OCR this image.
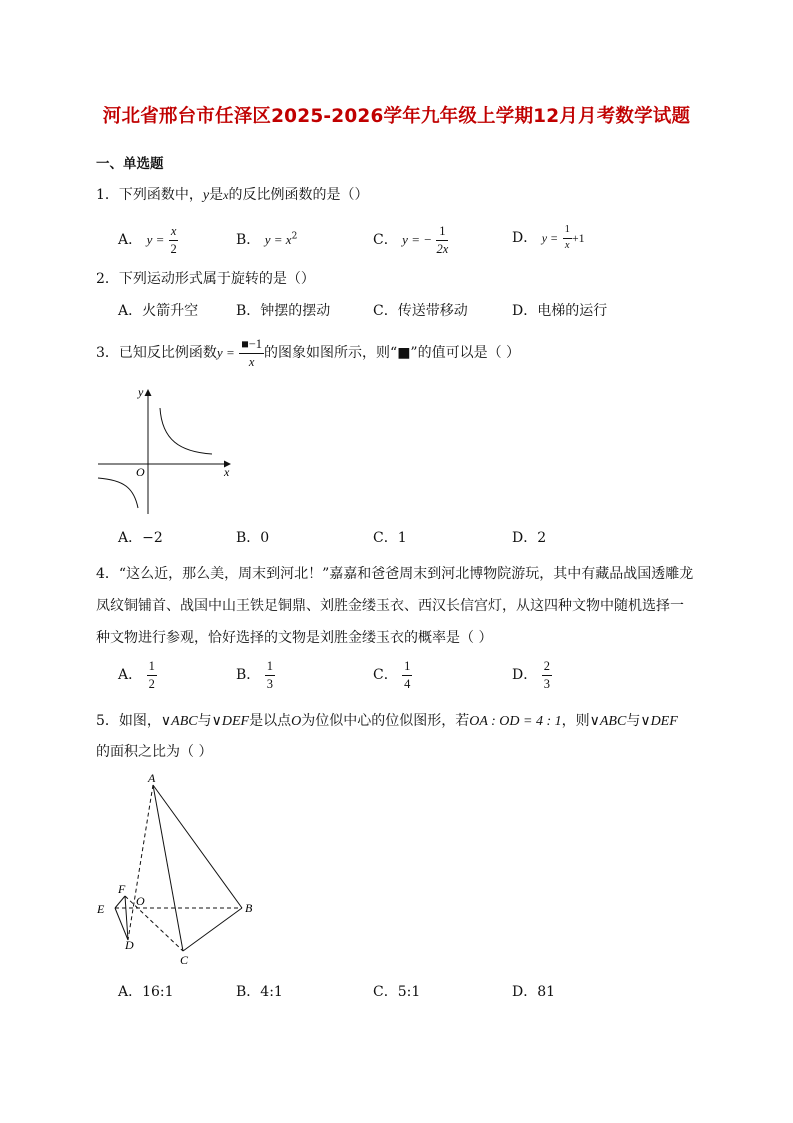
河北省邢台市任泽区2025-2026学年九年级上学期12月月考数学试题
一、单选题
1．下列函数中，y是x的反比例函数的是（）
A． $y = \frac{x}{2}$	B． $y = x^2$	C． y = − $\frac{1}{2x}$	D． $y = \frac{1}{x} +1$
2．下列运动形式属于旋转的是（）
A．火箭升空	B．钟摆的摆动	C．传送带移动	D．电梯的运行
3．已知反比例函数$y = \frac{■-1}{x}$ 的图象如图所示，则“■”的值可以是（ ）
y
x
O
A．−2	B．0	C．1	D．2
4．“这么近，那么美，周末到河北！”嘉嘉和爸爸周末到河北博物院游玩，其中有藏品战国透雕龙
凤纹铜铺首、战国中山王铁足铜鼎、刘胜金缕玉衣、西汉长信宫灯，从这四种文物中随机选择一
种文物进行参观，恰好选择的文物是刘胜金缕玉衣的概率是（ ）
A． $\frac{1}{2}$	B． $\frac{1}{3}$	C． $\frac{1}{4}$	D． $\frac{2}{3}$
5．如图，∨ABC与∨DEF是以点O为位似中心的位似图形，若OA : OD = 4 : 1，则∨ABC与∨DEF
的面积之比为（ ）
A
B
C
D
E
F
O
A．16:1	B．4:1	C．5:1	D．81
